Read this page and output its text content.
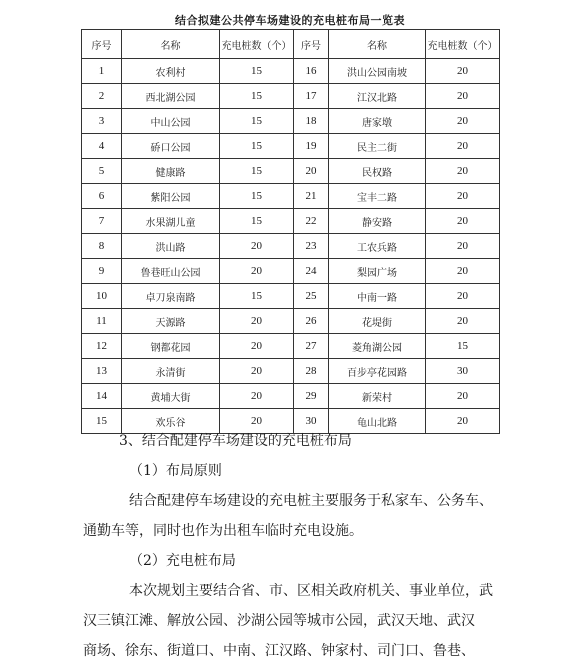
结合拟建公共停车场建设的充电桩布局一览表
序号	名称	充电桩数（个）	序号	名称	充电桩数（个）
1	农利村	15	16	洪山公园南坡	20
2	西北湖公园	15	17	江汉北路	20
3	中山公园	15	18	唐家墩	20
4	硚口公园	15	19	民主二街	20
5	健康路	15	20	民权路	20
6	紫阳公园	15	21	宝丰二路	20
7	水果湖儿童	15	22	静安路	20
8	洪山路	20	23	工农兵路	20
9	鲁巷旺山公园	20	24	梨园广场	20
10	卓刀泉南路	15	25	中南一路	20
11	天源路	20	26	花堤街	20
12	钢都花园	20	27	菱角湖公园	15
13	永清街	20	28	百步亭花园路	30
14	黄埔大街	20	29	新荣村	20
15	欢乐谷	20	30	龟山北路	20

3、结合配建停车场建设的充电桩布局

（1）布局原则

结合配建停车场建设的充电桩主要服务于私家车、公务车、

通勤车等，同时也作为出租车临时充电设施。

（2）充电桩布局

本次规划主要结合省、市、区相关政府机关、事业单位，武

汉三镇江滩、解放公园、沙湖公园等城市公园，武汉天地、武汉

商场、徐东、街道口、中南、江汉路、钟家村、司门口、鲁巷、
